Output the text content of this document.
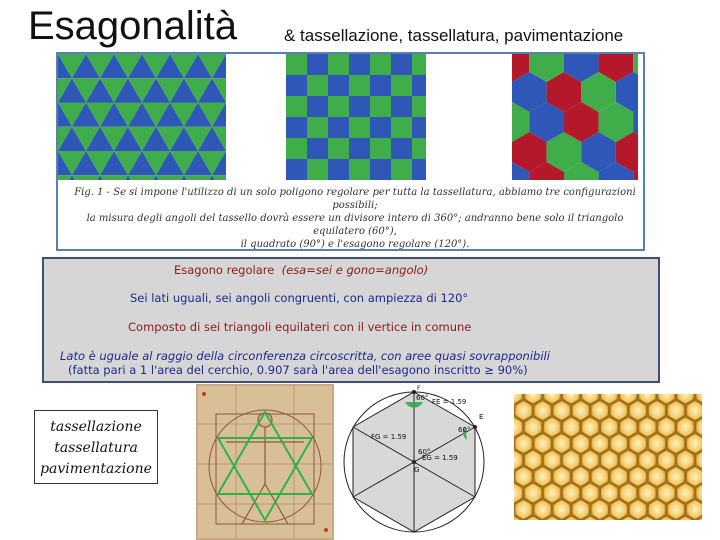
Esagonalità	& tassellazione, tassellatura, pavimentazione
Fig. 1 - Se si impone l'utilizzo di un solo poligono regolare per tutta la tassellatura, abbiamo tre configurazioni possibili;
la misura degli angoli del tassello dovrà essere un divisore intero di 360°; andranno bene solo il triangolo equilatero (60°),
il quadrato (90°) e l'esagono regolare (120°).
Esagono regolare (esa=sei e gono=angolo)
Sei lati uguali, sei angoli congruenti, con ampiezza di 120°
Composto di sei triangoli equilateri con il vertice in comune
Lato è uguale al raggio della circonferenza circoscritta, con aree quasi sovrapponibili
(fatta pari a 1 l'area del cerchio, 0.907 sarà l'area dell'esagono inscritto ≥ 90%)
tassellazione
tassellatura
pavimentazione
60° FE = 1.59
E
60°
FG = 1.59
60°
G
EG = 1.59
F
